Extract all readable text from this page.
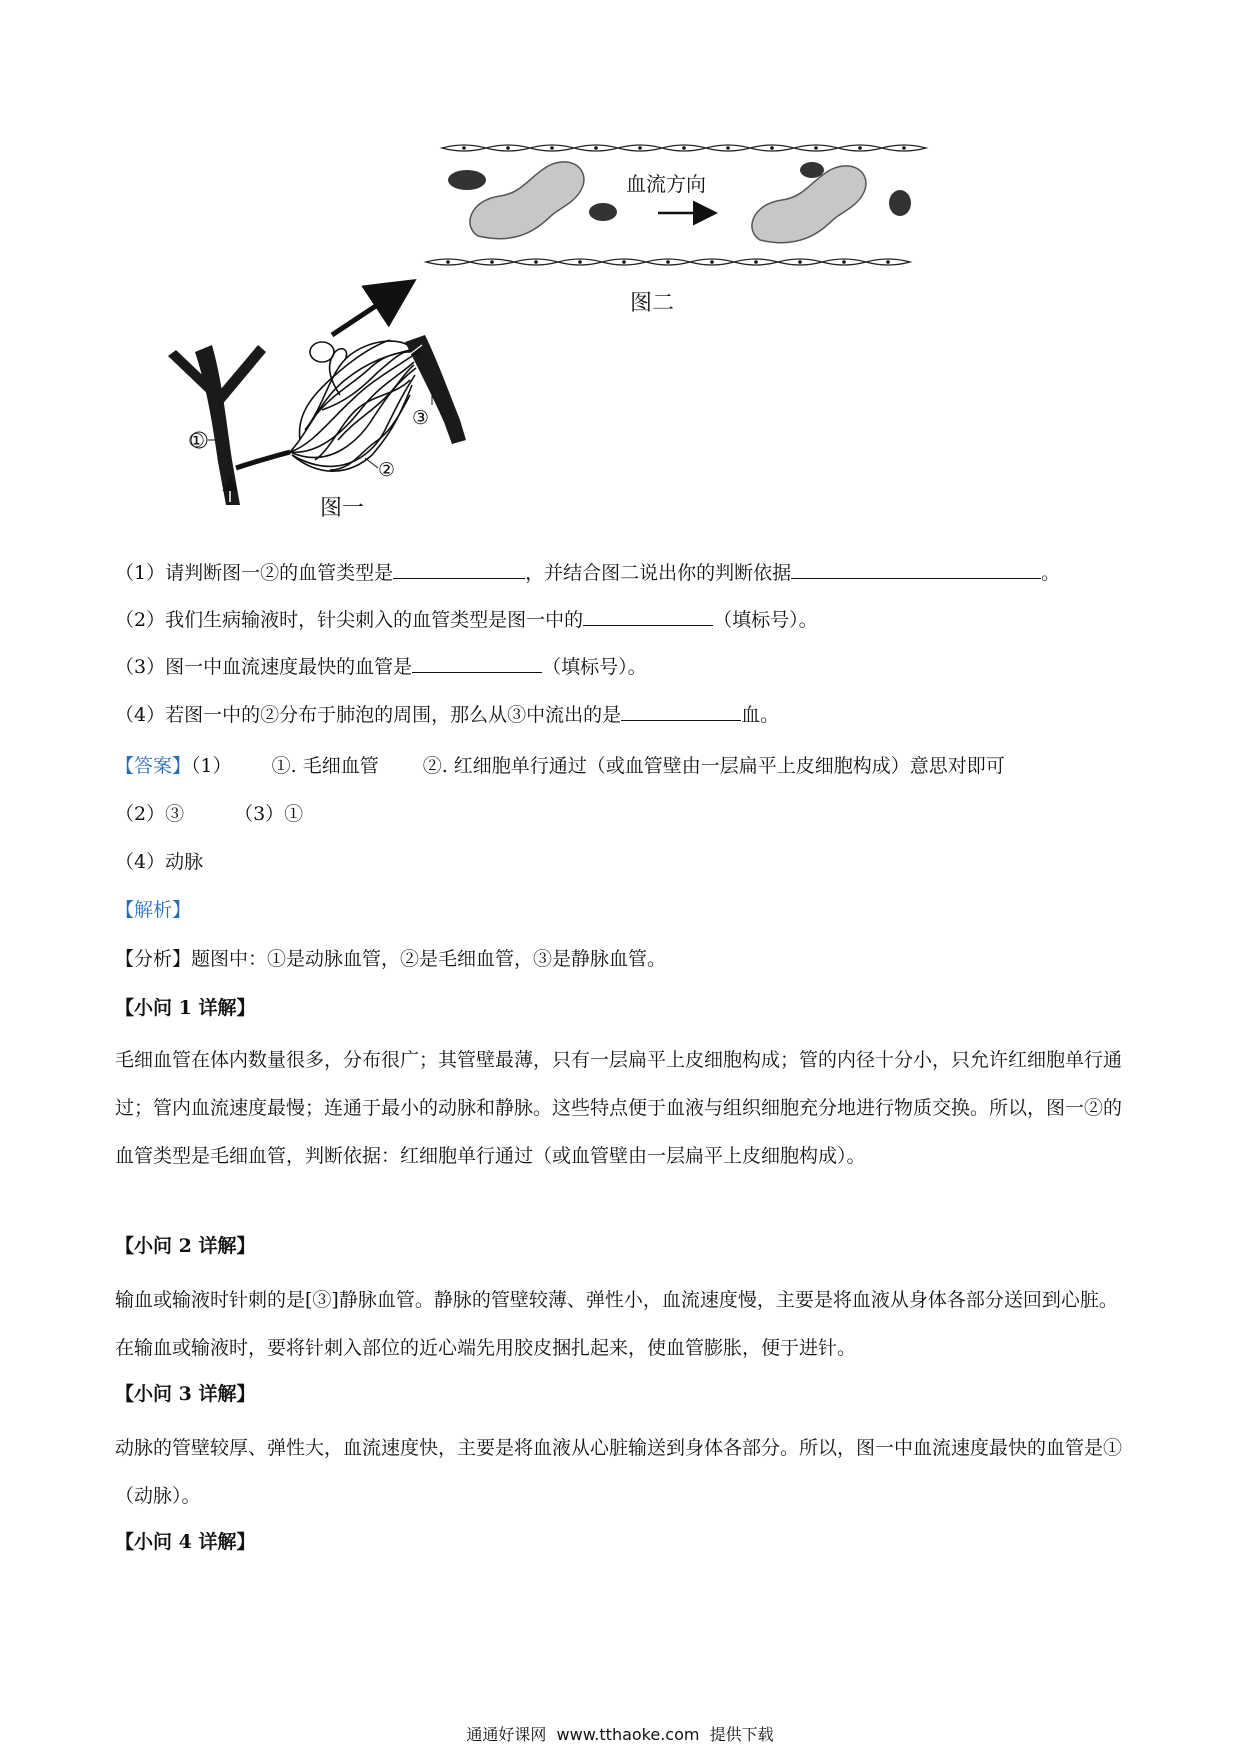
血流方向
图二
①
②
③
图一
（1）请判断图一②的血管类型是	，并结合图二说出你的判断依据	。
（2）我们生病输液时，针尖刺入的血管类型是图一中的	（填标号）。
（3）图一中血流速度最快的血管是	（填标号）。
（4）若图一中的②分布于肺泡的周围，那么从③中流出的是	血。
【答案】（1） ①. 毛细血管 ②. 红细胞单行通过（或血管壁由一层扁平上皮细胞构成）意思对即可
（2）③	（3）①
（4）动脉
【解析】
【分析】题图中：①是动脉血管，②是毛细血管，③是静脉血管。
【小问 1 详解】
毛细血管在体内数量很多，分布很广；其管壁最薄，只有一层扁平上皮细胞构成；管的内径十分小，只允许红细胞单行通过；管内血流速度最慢；连通于最小的动脉和静脉。这些特点便于血液与组织细胞充分地进行物质交换。所以，图一②的血管类型是毛细血管，判断依据：红细胞单行通过（或血管壁由一层扁平上皮细胞构成）。
【小问 2 详解】
输血或输液时针刺的是[③]静脉血管。静脉的管壁较薄、弹性小，血流速度慢，主要是将血液从身体各部分送回到心脏。在输血或输液时，要将针刺入部位的近心端先用胶皮捆扎起来，使血管膨胀，便于进针。
【小问 3 详解】
动脉的管壁较厚、弹性大，血流速度快，主要是将血液从心脏输送到身体各部分。所以，图一中血流速度最快的血管是①（动脉）。
【小问 4 详解】
通通好课网  www.tthaoke.com  提供下载
